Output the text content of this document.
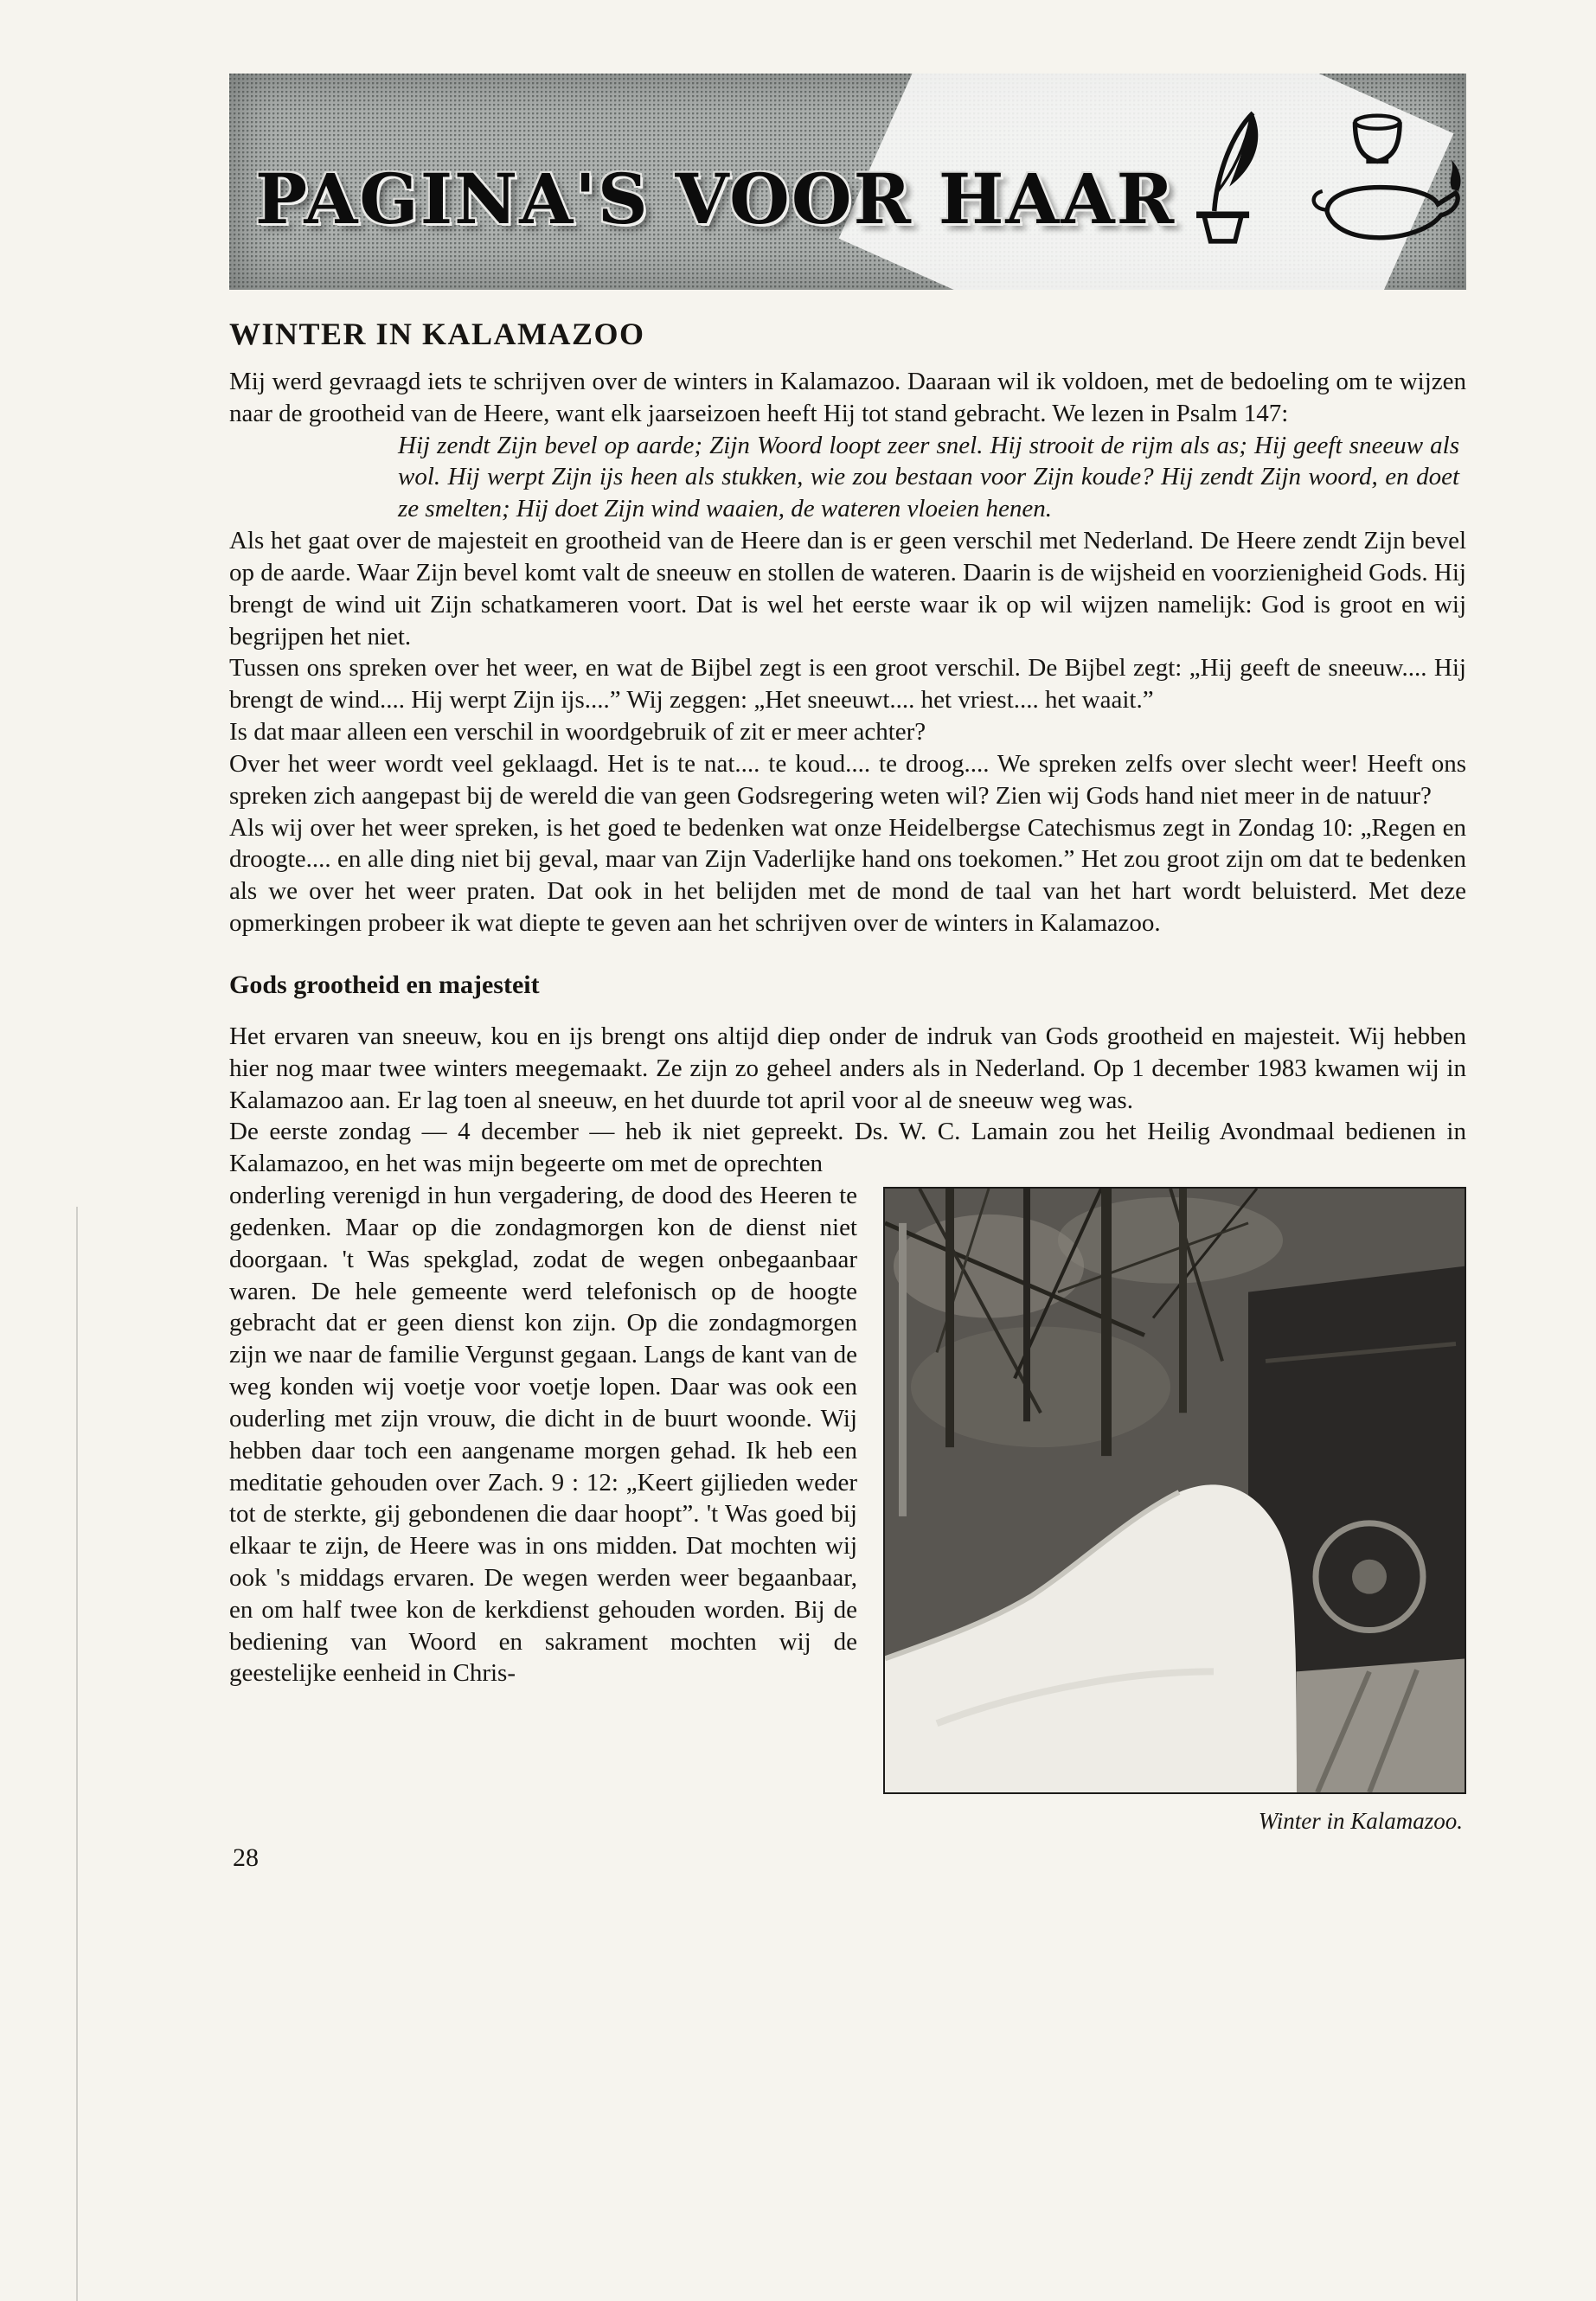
PAGINA'S VOOR HAAR
WINTER IN KALAMAZOO

Mij werd gevraagd iets te schrijven over de winters in Kalamazoo. Daaraan wil ik voldoen, met de bedoeling om te wijzen naar de grootheid van de Heere, want elk jaarseizoen heeft Hij tot stand gebracht. We lezen in Psalm 147:

Hij zendt Zijn bevel op aarde; Zijn Woord loopt zeer snel. Hij strooit de rijm als as; Hij geeft sneeuw als wol. Hij werpt Zijn ijs heen als stukken, wie zou bestaan voor Zijn koude? Hij zendt Zijn woord, en doet ze smelten; Hij doet Zijn wind waaien, de wateren vloeien henen.

Als het gaat over de majesteit en grootheid van de Heere dan is er geen verschil met Nederland. De Heere zendt Zijn bevel op de aarde. Waar Zijn bevel komt valt de sneeuw en stollen de wateren. Daarin is de wijsheid en voorzienigheid Gods. Hij brengt de wind uit Zijn schatkameren voort. Dat is wel het eerste waar ik op wil wijzen namelijk: God is groot en wij begrijpen het niet.

Tussen ons spreken over het weer, en wat de Bijbel zegt is een groot verschil. De Bijbel zegt: „Hij geeft de sneeuw.... Hij brengt de wind.... Hij werpt Zijn ijs....” Wij zeggen: „Het sneeuwt.... het vriest.... het waait.”

Is dat maar alleen een verschil in woordgebruik of zit er meer achter?

Over het weer wordt veel geklaagd. Het is te nat.... te koud.... te droog.... We spreken zelfs over slecht weer! Heeft ons spreken zich aangepast bij de wereld die van geen Godsregering weten wil? Zien wij Gods hand niet meer in de natuur?

Als wij over het weer spreken, is het goed te bedenken wat onze Heidelbergse Catechismus zegt in Zondag 10: „Regen en droogte.... en alle ding niet bij geval, maar van Zijn Vaderlijke hand ons toekomen.” Het zou groot zijn om dat te bedenken als we over het weer praten. Dat ook in het belijden met de mond de taal van het hart wordt beluisterd. Met deze opmerkingen probeer ik wat diepte te geven aan het schrijven over de winters in Kalamazoo.

Gods grootheid en majesteit

Het ervaren van sneeuw, kou en ijs brengt ons altijd diep onder de indruk van Gods grootheid en majesteit. Wij hebben hier nog maar twee winters meegemaakt. Ze zijn zo geheel anders als in Nederland. Op 1 december 1983 kwamen wij in Kalamazoo aan. Er lag toen al sneeuw, en het duurde tot april voor al de sneeuw weg was.

De eerste zondag — 4 december — heb ik niet gepreekt. Ds. W. C. Lamain zou het Heilig Avondmaal bedienen in Kalamazoo, en het was mijn begeerte om met de oprechten

Winter in Kalamazoo.
onderling verenigd in hun vergadering, de dood des Heeren te gedenken. Maar op die zondagmorgen kon de dienst niet doorgaan. 't Was spekglad, zodat de wegen onbegaanbaar waren. De hele gemeente werd telefonisch op de hoogte gebracht dat er geen dienst kon zijn. Op die zondagmorgen zijn we naar de familie Vergunst gegaan. Langs de kant van de weg konden wij voetje voor voetje lopen. Daar was ook een ouderling met zijn vrouw, die dicht in de buurt woonde. Wij hebben daar toch een aangename morgen gehad. Ik heb een meditatie gehouden over Zach. 9 : 12: „Keert gijlieden weder tot de sterkte, gij gebondenen die daar hoopt”. 't Was goed bij elkaar te zijn, de Heere was in ons midden. Dat mochten wij ook 's middags ervaren. De wegen werden weer begaanbaar, en om half twee kon de kerkdienst gehouden worden. Bij de bediening van Woord en sakrament mochten wij de geestelijke eenheid in Chris-
28
